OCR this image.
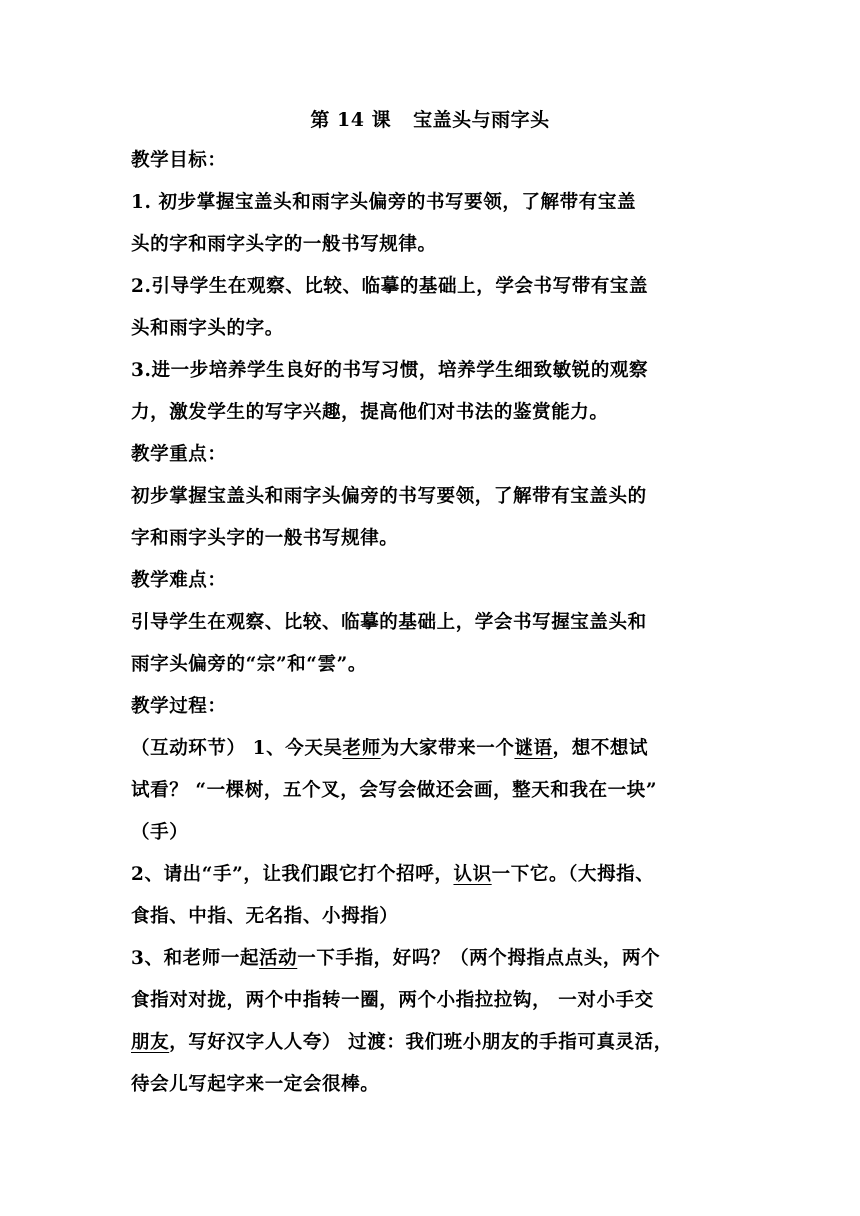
第 14 课 宝盖头与雨字头
教学目标：
1. 初步掌握宝盖头和雨字头偏旁的书写要领，了解带有宝盖
头的字和雨字头字的一般书写规律。
2.引导学生在观察、比较、临摹的基础上，学会书写带有宝盖
头和雨字头的字。
3.进一步培养学生良好的书写习惯，培养学生细致敏锐的观察
力，激发学生的写字兴趣，提高他们对书法的鉴赏能力。
教学重点：
初步掌握宝盖头和雨字头偏旁的书写要领，了解带有宝盖头的
字和雨字头字的一般书写规律。
教学难点：
引导学生在观察、比较、临摹的基础上，学会书写握宝盖头和
雨字头偏旁的“宗”和“雲”。
教学过程：
（互动环节） 1、今天吴老师为大家带来一个谜语，想不想试
试看？ “一棵树，五个叉，会写会做还会画，整天和我在一块”
（手）
2、请出“手”，让我们跟它打个招呼，认识一下它。（大拇指、
食指、中指、无名指、小拇指）
3、和老师一起活动一下手指，好吗？（两个拇指点点头，两个
食指对对拢，两个中指转一圈，两个小指拉拉钩， 一对小手交
朋友，写好汉字人人夸） 过渡：我们班小朋友的手指可真灵活，
待会儿写起字来一定会很棒。
